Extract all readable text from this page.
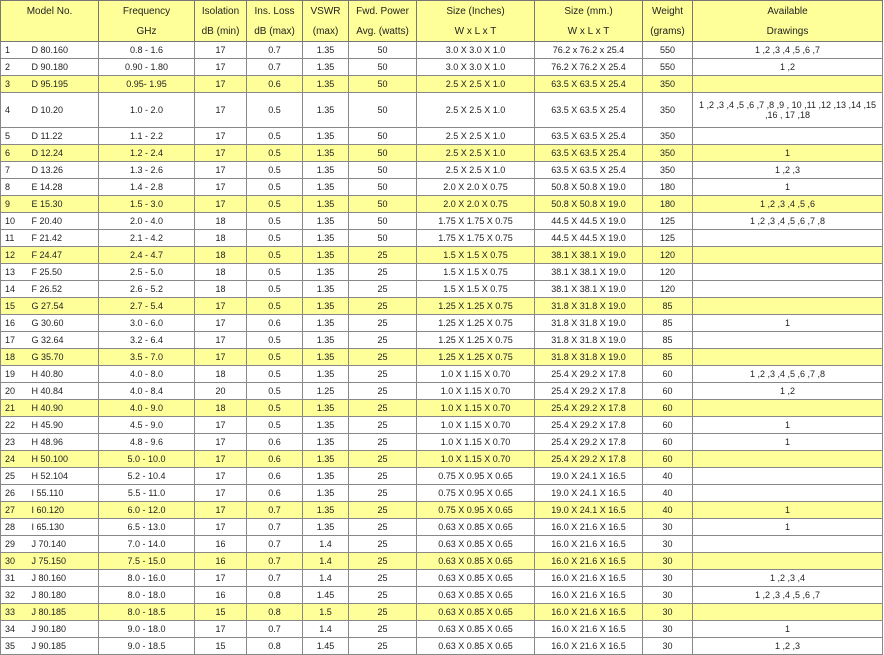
Model No.		Frequency	Isolation	Ins. Loss	VSWR	Fwd. Power	Size (Inches)	Size (mm.)	Weight	Available
		GHz	dB (min)	dB (max)	(max)	Avg. (watts)	W x L x T	W x L x T	(grams)	Drawings
1	D 80.160	0.8 - 1.6	17	0.7	1.35	50	3.0 X 3.0 X 1.0	76.2 x 76.2 x 25.4	550	1 ,2 ,3 ,4 ,5 ,6 ,7
2	D 90.180	0.90 - 1.80	17	0.7	1.35	50	3.0 X 3.0 X 1.0	76.2 X 76.2 X 25.4	550	1 ,2
3	D 95.195	0.95- 1.95	17	0.6	1.35	50	2.5 X 2.5 X 1.0	63.5 X 63.5 X 25.4	350	
4	D 10.20	1.0 - 2.0	17	0.5	1.35	50	2.5 X 2.5 X 1.0	63.5 X 63.5 X 25.4	350	1 ,2 ,3 ,4 ,5 ,6 ,7 ,8 ,9 , 10 ,11 ,12 ,13 ,14 ,15 ,16 , 17 ,18
5	D 11.22	1.1 - 2.2	17	0.5	1.35	50	2.5 X 2.5 X 1.0	63.5 X 63.5 X 25.4	350	
6	D 12.24	1.2 - 2.4	17	0.5	1.35	50	2.5 X 2.5 X 1.0	63.5 X 63.5 X 25.4	350	1
7	D 13.26	1.3 - 2.6	17	0.5	1.35	50	2.5 X 2.5 X 1.0	63.5 X 63.5 X 25.4	350	1 ,2 ,3
8	E 14.28	1.4 - 2.8	17	0.5	1.35	50	2.0 X 2.0 X 0.75	50.8 X 50.8 X 19.0	180	1
9	E 15.30	1.5 - 3.0	17	0.5	1.35	50	2.0 X 2.0 X 0.75	50.8 X 50.8 X 19.0	180	1 ,2 ,3 ,4 ,5 ,6
10	F 20.40	2.0 - 4.0	18	0.5	1.35	50	1.75 X 1.75 X 0.75	44.5 X 44.5 X 19.0	125	1 ,2 ,3 ,4 ,5 ,6 ,7 ,8
11	F 21.42	2.1 - 4.2	18	0.5	1.35	50	1.75 X 1.75 X 0.75	44.5 X 44.5 X 19.0	125	
12	F 24.47	2.4 - 4.7	18	0.5	1.35	25	1.5 X 1.5 X 0.75	38.1 X 38.1 X 19.0	120	
13	F 25.50	2.5 - 5.0	18	0.5	1.35	25	1.5 X 1.5 X 0.75	38.1 X 38.1 X 19.0	120	
14	F 26.52	2.6 - 5.2	18	0.5	1.35	25	1.5 X 1.5 X 0.75	38.1 X 38.1 X 19.0	120	
15	G 27.54	2.7 - 5.4	17	0.5	1.35	25	1.25 X 1.25 X 0.75	31.8 X 31.8 X 19.0	85	
16	G 30.60	3.0 - 6.0	17	0.6	1.35	25	1.25 X 1.25 X 0.75	31.8 X 31.8 X 19.0	85	1
17	G 32.64	3.2 - 6.4	17	0.5	1.35	25	1.25 X 1.25 X 0.75	31.8 X 31.8 X 19.0	85	
18	G 35.70	3.5 - 7.0	17	0.5	1.35	25	1.25 X 1.25 X 0.75	31.8 X 31.8 X 19.0	85	
19	H 40.80	4.0 - 8.0	18	0.5	1.35	25	1.0 X 1.15 X 0.70	25.4 X 29.2 X 17.8	60	1 ,2 ,3 ,4 ,5 ,6 ,7 ,8
20	H 40.84	4.0 - 8.4	20	0.5	1.25	25	1.0 X 1.15 X 0.70	25.4 X 29.2 X 17.8	60	1 ,2
21	H 40.90	4.0 - 9.0	18	0.5	1.35	25	1.0 X 1.15 X 0.70	25.4 X 29.2 X 17.8	60	
22	H 45.90	4.5 - 9.0	17	0.5	1.35	25	1.0 X 1.15 X 0.70	25.4 X 29.2 X 17.8	60	1
23	H 48.96	4.8 - 9.6	17	0.6	1.35	25	1.0 X 1.15 X 0.70	25.4 X 29.2 X 17.8	60	1
24	H 50.100	5.0 - 10.0	17	0.6	1.35	25	1.0 X 1.15 X 0.70	25.4 X 29.2 X 17.8	60	
25	H 52.104	5.2 - 10.4	17	0.6	1.35	25	0.75 X 0.95 X 0.65	19.0 X 24.1 X 16.5	40	
26	I 55.110	5.5 - 11.0	17	0.6	1.35	25	0.75 X 0.95 X 0.65	19.0 X 24.1 X 16.5	40	
27	I 60.120	6.0 - 12.0	17	0.7	1.35	25	0.75 X 0.95 X 0.65	19.0 X 24.1 X 16.5	40	1
28	I 65.130	6.5 - 13.0	17	0.7	1.35	25	0.63 X 0.85 X 0.65	16.0 X 21.6 X 16.5	30	1
29	J 70.140	7.0 - 14.0	16	0.7	1.4	25	0.63 X 0.85 X 0.65	16.0 X 21.6 X 16.5	30	
30	J 75.150	7.5 - 15.0	16	0.7	1.4	25	0.63 X 0.85 X 0.65	16.0 X 21.6 X 16.5	30	
31	J 80.160	8.0 - 16.0	17	0.7	1.4	25	0.63 X 0.85 X 0.65	16.0 X 21.6 X 16.5	30	1 ,2 ,3 ,4
32	J 80.180	8.0 - 18.0	16	0.8	1.45	25	0.63 X 0.85 X 0.65	16.0 X 21.6 X 16.5	30	1 ,2 ,3 ,4 ,5 ,6 ,7
33	J 80.185	8.0 - 18.5	15	0.8	1.5	25	0.63 X 0.85 X 0.65	16.0 X 21.6 X 16.5	30	
34	J 90.180	9.0 - 18.0	17	0.7	1.4	25	0.63 X 0.85 X 0.65	16.0 X 21.6 X 16.5	30	1
35	J 90.185	9.0 - 18.5	15	0.8	1.45	25	0.63 X 0.85 X 0.65	16.0 X 21.6 X 16.5	30	1 ,2 ,3
